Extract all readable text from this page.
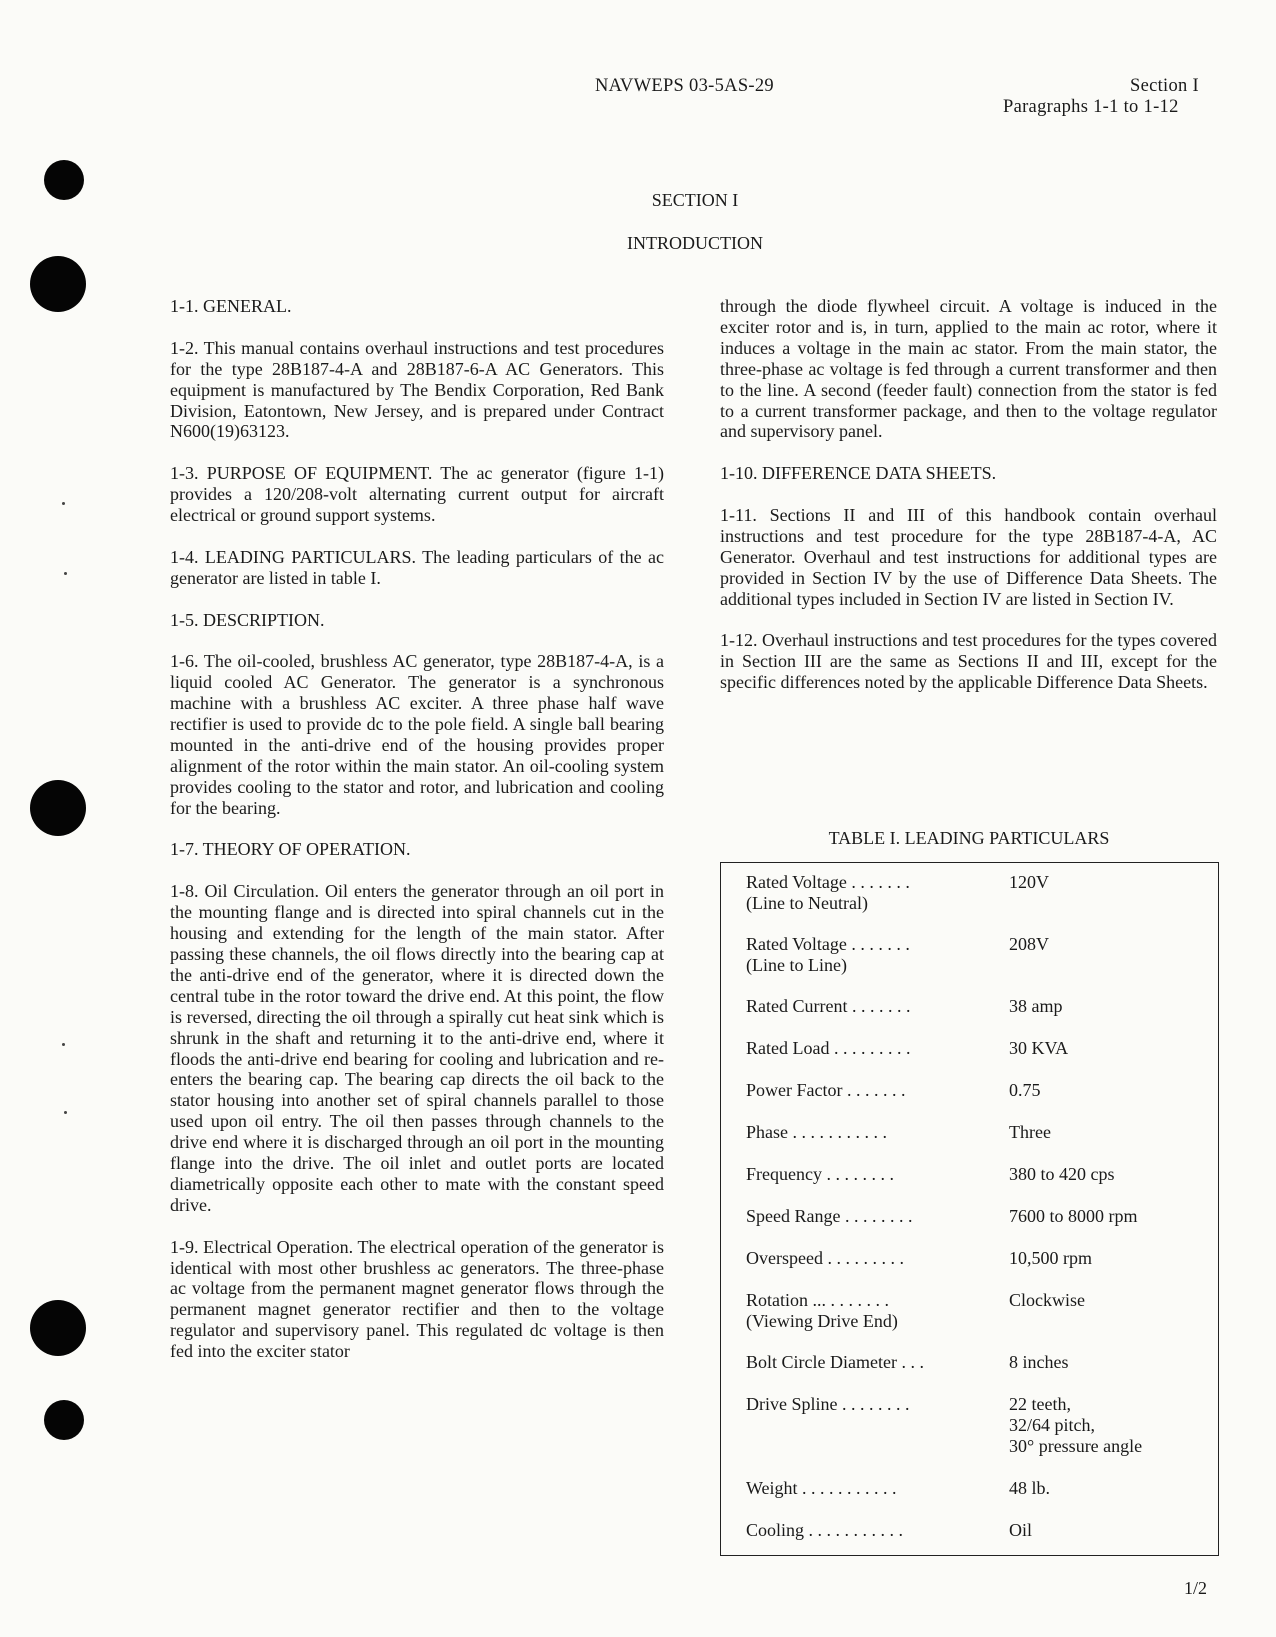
NAVWEPS 03-5AS-29	Section I
Paragraphs 1-1 to 1-12
SECTION I
INTRODUCTION

1-1. GENERAL.

1-2. This manual contains overhaul instructions and test procedures for the type 28B187-4-A and 28B187-6-A AC Generators. This equipment is manufactured by The Bendix Corporation, Red Bank Division, Eatontown, New Jersey, and is prepared under Contract N600(19)63123.

1-3. PURPOSE OF EQUIPMENT. The ac generator (figure 1-1) provides a 120/208-volt alternating current output for aircraft electrical or ground support systems.

1-4. LEADING PARTICULARS. The leading particulars of the ac generator are listed in table I.

1-5. DESCRIPTION.

1-6. The oil-cooled, brushless AC generator, type 28B187-4-A, is a liquid cooled AC Generator. The generator is a synchronous machine with a brushless AC exciter. A three phase half wave rectifier is used to provide dc to the pole field. A single ball bearing mounted in the anti-drive end of the housing provides proper alignment of the rotor within the main stator. An oil-cooling system provides cooling to the stator and rotor, and lubrication and cooling for the bearing.

1-7. THEORY OF OPERATION.

1-8. Oil Circulation. Oil enters the generator through an oil port in the mounting flange and is directed into spiral channels cut in the housing and extending for the length of the main stator. After passing these channels, the oil flows directly into the bearing cap at the anti-drive end of the generator, where it is directed down the central tube in the rotor toward the drive end. At this point, the flow is reversed, directing the oil through a spirally cut heat sink which is shrunk in the shaft and returning it to the anti-drive end, where it floods the anti-drive end bearing for cooling and lubrication and re-enters the bearing cap. The bearing cap directs the oil back to the stator housing into another set of spiral channels parallel to those used upon oil entry. The oil then passes through channels to the drive end where it is discharged through an oil port in the mounting flange into the drive. The oil inlet and outlet ports are located diametrically opposite each other to mate with the constant speed drive.

1-9. Electrical Operation. The electrical operation of the generator is identical with most other brushless ac generators. The three-phase ac voltage from the permanent magnet generator flows through the permanent magnet generator rectifier and then to the voltage regulator and supervisory panel. This regulated dc voltage is then fed into the exciter stator

through the diode flywheel circuit. A voltage is induced in the exciter rotor and is, in turn, applied to the main ac rotor, where it induces a voltage in the main ac stator. From the main stator, the three-phase ac voltage is fed through a current transformer and then to the line. A second (feeder fault) connection from the stator is fed to a current transformer package, and then to the voltage regulator and supervisory panel.

1-10. DIFFERENCE DATA SHEETS.

1-11. Sections II and III of this handbook contain overhaul instructions and test procedure for the type 28B187-4-A, AC Generator. Overhaul and test instructions for additional types are provided in Section IV by the use of Difference Data Sheets. The additional types included in Section IV are listed in Section IV.

1-12. Overhaul instructions and test procedures for the types covered in Section III are the same as Sections II and III, except for the specific differences noted by the applicable Difference Data Sheets.

TABLE I. LEADING PARTICULARS
Rated Voltage . . . . . . .	120V
(Line to Neutral)
Rated Voltage . . . . . . .	208V
(Line to Line)
Rated Current . . . . . . .	38 amp
Rated Load . . . . . . . . .	30 KVA
Power Factor . . . . . . .	0.75
Phase . . . . . . . . . . .	Three
Frequency . . . . . . . .	380 to 420 cps
Speed Range . . . . . . . .	7600 to 8000 rpm
Overspeed . . . . . . . . .	10,500 rpm
Rotation ... . . . . . . .	Clockwise
(Viewing Drive End)
Bolt Circle Diameter . . .	8 inches
Drive Spline . . . . . . . .	22 teeth,
32/64 pitch,
30° pressure angle
Weight . . . . . . . . . . .	48 lb.
Cooling . . . . . . . . . . .	Oil
1/2
